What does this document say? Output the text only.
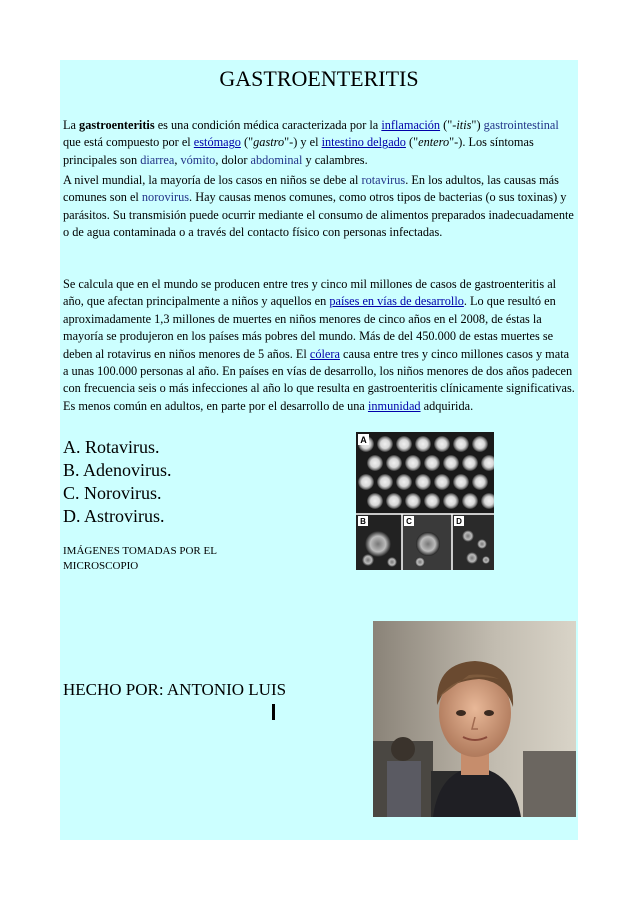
GASTROENTERITIS
La gastroenteritis es una condición médica caracterizada por la inflamación ("-itis") gastrointestinal que está compuesto por el estómago ("gastro"-) y el intestino delgado ("entero"-). Los síntomas principales son diarrea, vómito, dolor abdominal y calambres.
A nivel mundial, la mayoría de los casos en niños se debe al rotavirus. En los adultos, las causas más comunes son el norovirus. Hay causas menos comunes, como otros tipos de bacterias (o sus toxinas) y parásitos. Su transmisión puede ocurrir mediante el consumo de alimentos preparados inadecuadamente o de agua contaminada o a través del contacto físico con personas infectadas.
Se calcula que en el mundo se producen entre tres y cinco mil millones de casos de gastroenteritis al año, que afectan principalmente a niños y aquellos en países en vías de desarrollo. Lo que resultó en aproximadamente 1,3 millones de muertes en niños menores de cinco años en el 2008, de éstas la mayoría se produjeron en los países más pobres del mundo. Más de del 450.000 de estas muertes se deben al rotavirus en niños menores de 5 años. El cólera causa entre tres y cinco millones casos y mata a unas 100.000 personas al año. En países en vías de desarrollo, los niños menores de dos años padecen con frecuencia seis o más infecciones al año lo que resulta en gastroenteritis clínicamente significativas. Es menos común en adultos, en parte por el desarrollo de una inmunidad adquirida.
A. Rotavirus.
B. Adenovirus.
C. Norovirus.
D. Astrovirus.
IMÁGENES TOMADAS POR EL MICROSCOPIO
A
B	C	D
HECHO POR: ANTONIO LUIS
